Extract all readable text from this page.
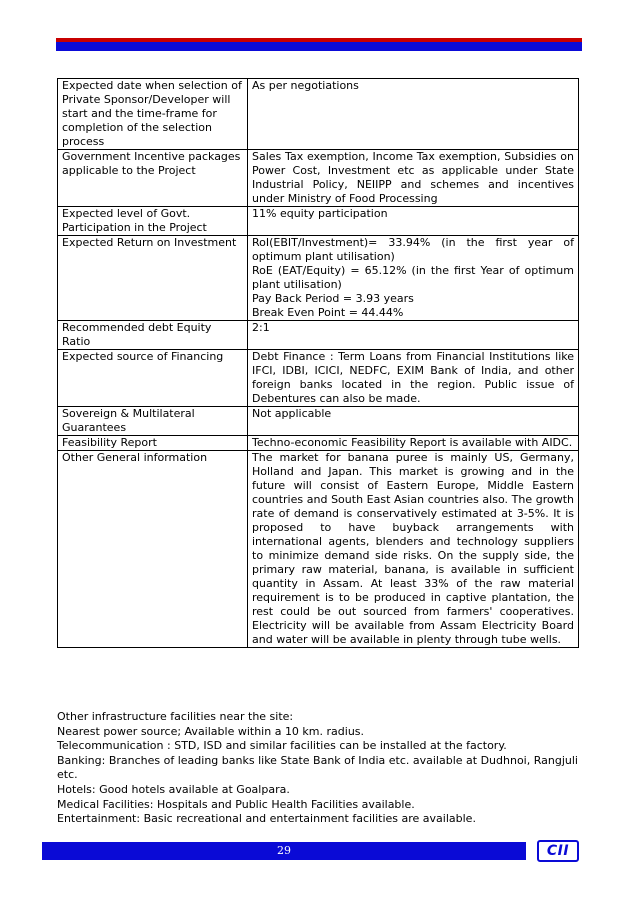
Expected date when selection of Private Sponsor/Developer will start and the time-frame for completion of the selection process	As per negotiations

Government Incentive packages applicable to the Project	Sales Tax exemption, Income Tax exemption, Subsidies on Power Cost, Investment etc as applicable under State Industrial Policy, NEIIPP and schemes and incentives under Ministry of Food Processing

Expected level of Govt. Participation in the Project	11% equity participation

Expected Return on Investment	RoI(EBIT/Investment)= 33.94% (in the first year of optimum plant utilisation)
RoE (EAT/Equity) = 65.12% (in the first Year of optimum plant utilisation)
Pay Back Period = 3.93 years
Break Even Point = 44.44%

Recommended debt Equity Ratio	2:1

Expected source of Financing	Debt Finance : Term Loans from Financial Institutions like IFCI, IDBI, ICICI, NEDFC, EXIM Bank of India, and other foreign banks located in the region. Public issue of Debentures can also be made.

Sovereign & Multilateral Guarantees	Not applicable

Feasibility Report	Techno-economic Feasibility Report is available with AIDC.

Other General information	The market for banana puree is mainly US, Germany, Holland and Japan. This market is growing and in the future will consist of Eastern Europe, Middle Eastern countries and South East Asian countries also. The growth rate of demand is conservatively estimated at 3-5%. It is proposed to have buyback arrangements with international agents, blenders and technology suppliers to minimize demand side risks. On the supply side, the primary raw material, banana, is available in sufficient quantity in Assam. At least 33% of the raw material requirement is to be produced in captive plantation, the rest could be out sourced from farmers' cooperatives. Electricity will be available from Assam Electricity Board and water will be available in plenty through tube wells.
Other infrastructure facilities near the site:
Nearest power source; Available within a 10 km. radius.
Telecommunication : STD, ISD and similar facilities can be installed at the factory.
Banking: Branches of leading banks like State Bank of India etc. available at Dudhnoi, Rangjuli etc.
Hotels: Good hotels available at Goalpara.
Medical Facilities: Hospitals and Public Health Facilities available.
Entertainment: Basic recreational and entertainment facilities are available.
29	CII
